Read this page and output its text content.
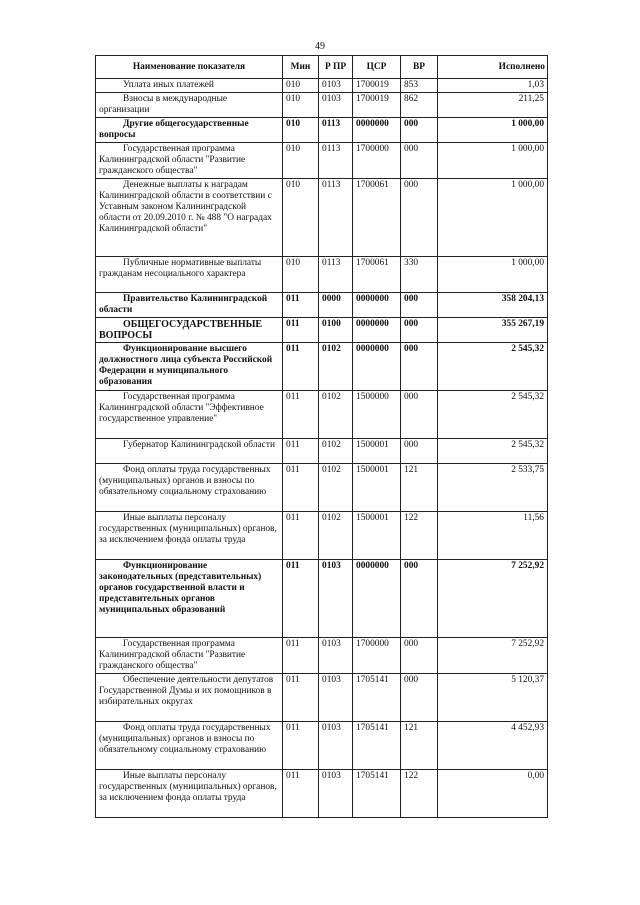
49
Наименование показателя	Мин	Р ПР	ЦСР	ВР	Исполнено
Уплата иных платежей	010	0103	1700019	853	1,03
Взносы в международные организации	010	0103	1700019	862	211,25
Другие общегосударственные вопросы	010	0113	0000000	000	1 000,00
Государственная программа Калининградской области "Развитие гражданского общества"	010	0113	1700000	000	1 000,00
Денежные выплаты к наградам Калининградской области в соответствии с Уставным законом Калининградской области от 20.09.2010 г. № 488 "О наградах Калининградской области"	010	0113	1700061	000	1 000,00
Публичные нормативные выплаты гражданам несоциального характера	010	0113	1700061	330	1 000,00
Правительство Калининградской области	011	0000	0000000	000	358 204,13
ОБЩЕГОСУДАРСТВЕННЫЕ ВОПРОСЫ	011	0100	0000000	000	355 267,19
Функционирование высшего должностного лица субъекта Российской Федерации и муниципального образования	011	0102	0000000	000	2 545,32
Государственная программа Калининградской области "Эффективное государственное управление"	011	0102	1500000	000	2 545,32
Губернатор Калининградской области	011	0102	1500001	000	2 545,32
Фонд оплаты труда государственных (муниципальных) органов и взносы по обязательному социальному страхованию	011	0102	1500001	121	2 533,75
Иные выплаты персоналу государственных (муниципальных) органов, за исключением фонда оплаты труда	011	0102	1500001	122	11,56
Функционирование законодательных (представительных) органов государственной власти и представительных органов муниципальных образований	011	0103	0000000	000	7 252,92
Государственная программа Калининградской области "Развитие гражданского общества"	011	0103	1700000	000	7 252,92
Обеспечение деятельности депутатов Государственной Думы и их помощников в избирательных округах	011	0103	1705141	000	5 120,37
Фонд оплаты труда государственных (муниципальных) органов и взносы по обязательному социальному страхованию	011	0103	1705141	121	4 452,93
Иные выплаты персоналу государственных (муниципальных) органов, за исключением фонда оплаты труда	011	0103	1705141	122	0,00
